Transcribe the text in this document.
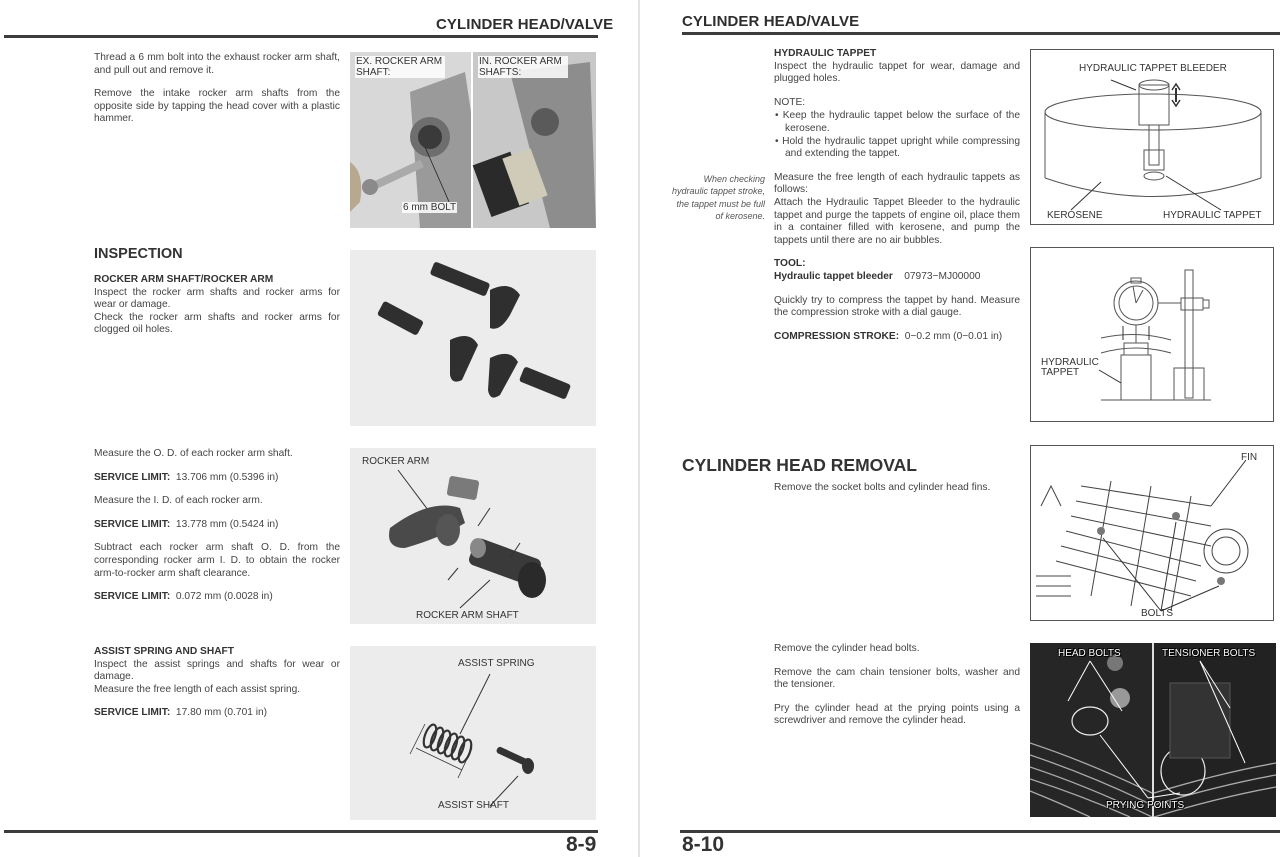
CYLINDER HEAD/VALVE

Thread a 6 mm bolt into the exhaust rocker arm shaft, and pull out and remove it.

Remove the intake rocker arm shafts from the opposite side by tapping the head cover with a plastic hammer.

EX. ROCKER ARM SHAFT:
IN. ROCKER ARM SHAFTS:
6 mm BOLT
INSPECTION
ROCKER ARM SHAFT/ROCKER ARM
Inspect the rocker arm shafts and rocker arms for wear or damage.
Check the rocker arm shafts and rocker arms for clogged oil holes.

Measure the O. D. of each rocker arm shaft.

SERVICE LIMIT: 13.706 mm (0.5396 in)

Measure the I. D. of each rocker arm.

SERVICE LIMIT: 13.778 mm (0.5424 in)

Subtract each rocker arm shaft O. D. from the corresponding rocker arm I. D. to obtain the rocker arm-to-rocker arm shaft clearance.

SERVICE LIMIT: 0.072 mm (0.0028 in)

ROCKER ARM
ROCKER ARM SHAFT
ASSIST SPRING AND SHAFT
Inspect the assist springs and shafts for wear or damage.

Measure the free length of each assist spring.

SERVICE LIMIT: 17.80 mm (0.701 in)

ASSIST SPRING
ASSIST SHAFT
8-9
CYLINDER HEAD/VALVE
HYDRAULIC TAPPET

Inspect the hydraulic tappet for wear, damage and plugged holes.

NOTE:
• Keep the hydraulic tappet below the surface of the kerosene.
• Hold the hydraulic tappet upright while compressing and extending the tappet.
Measure the free length of each hydraulic tappets as follows:

Attach the Hydraulic Tappet Bleeder to the hydraulic tappet and purge the tappets of engine oil, place them in a container filled with kerosene, and pump the tappets until there are no air bubbles.

TOOL:

Hydraulic tappet bleeder 07973−MJ00000

Quickly try to compress the tappet by hand. Measure the compression stroke with a dial gauge.

COMPRESSION STROKE: 0−0.2 mm (0−0.01 in)

When checking hydraulic tappet stroke, the tappet must be full of kerosene.
HYDRAULIC TAPPET BLEEDER
KEROSENE	HYDRAULIC TAPPET
HYDRAULIC
TAPPET
CYLINDER HEAD REMOVAL
Remove the socket bolts and cylinder head fins.
FIN
BOLTS

Remove the cylinder head bolts.

Remove the cam chain tensioner bolts, washer and the tensioner.

Pry the cylinder head at the prying points using a screwdriver and remove the cylinder head.

HEAD BOLTS	TENSIONER BOLTS
PRYING POINTS
8-10
